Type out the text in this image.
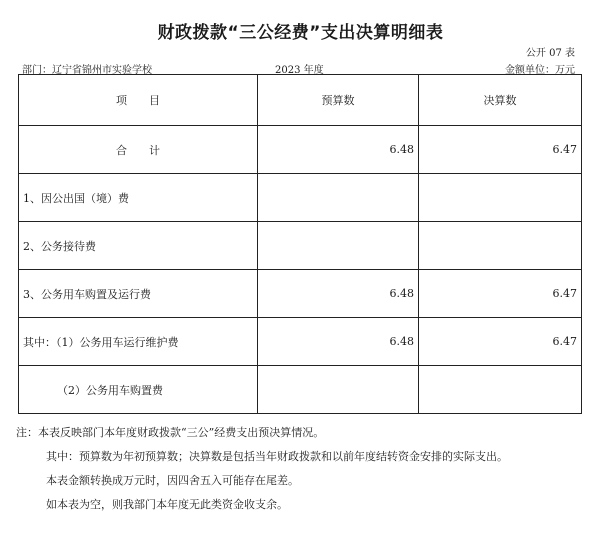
财政拨款“三公经费”支出决算明细表
公开 07 表
部门：辽宁省锦州市实验学校	2023 年度	金额单位：万元
项　　目	预算数	决算数
合　　计	6.48	6.47
1、因公出国（境）费		
2、公务接待费		
3、公务用车购置及运行费	6.48	6.47
其中：（1）公务用车运行维护费	6.48	6.47
（2）公务用车购置费		
注：本表反映部门本年度财政拨款“三公”经费支出预决算情况。
其中：预算数为年初预算数；决算数是包括当年财政拨款和以前年度结转资金安排的实际支出。
本表金额转换成万元时，因四舍五入可能存在尾差。
如本表为空，则我部门本年度无此类资金收支余。
